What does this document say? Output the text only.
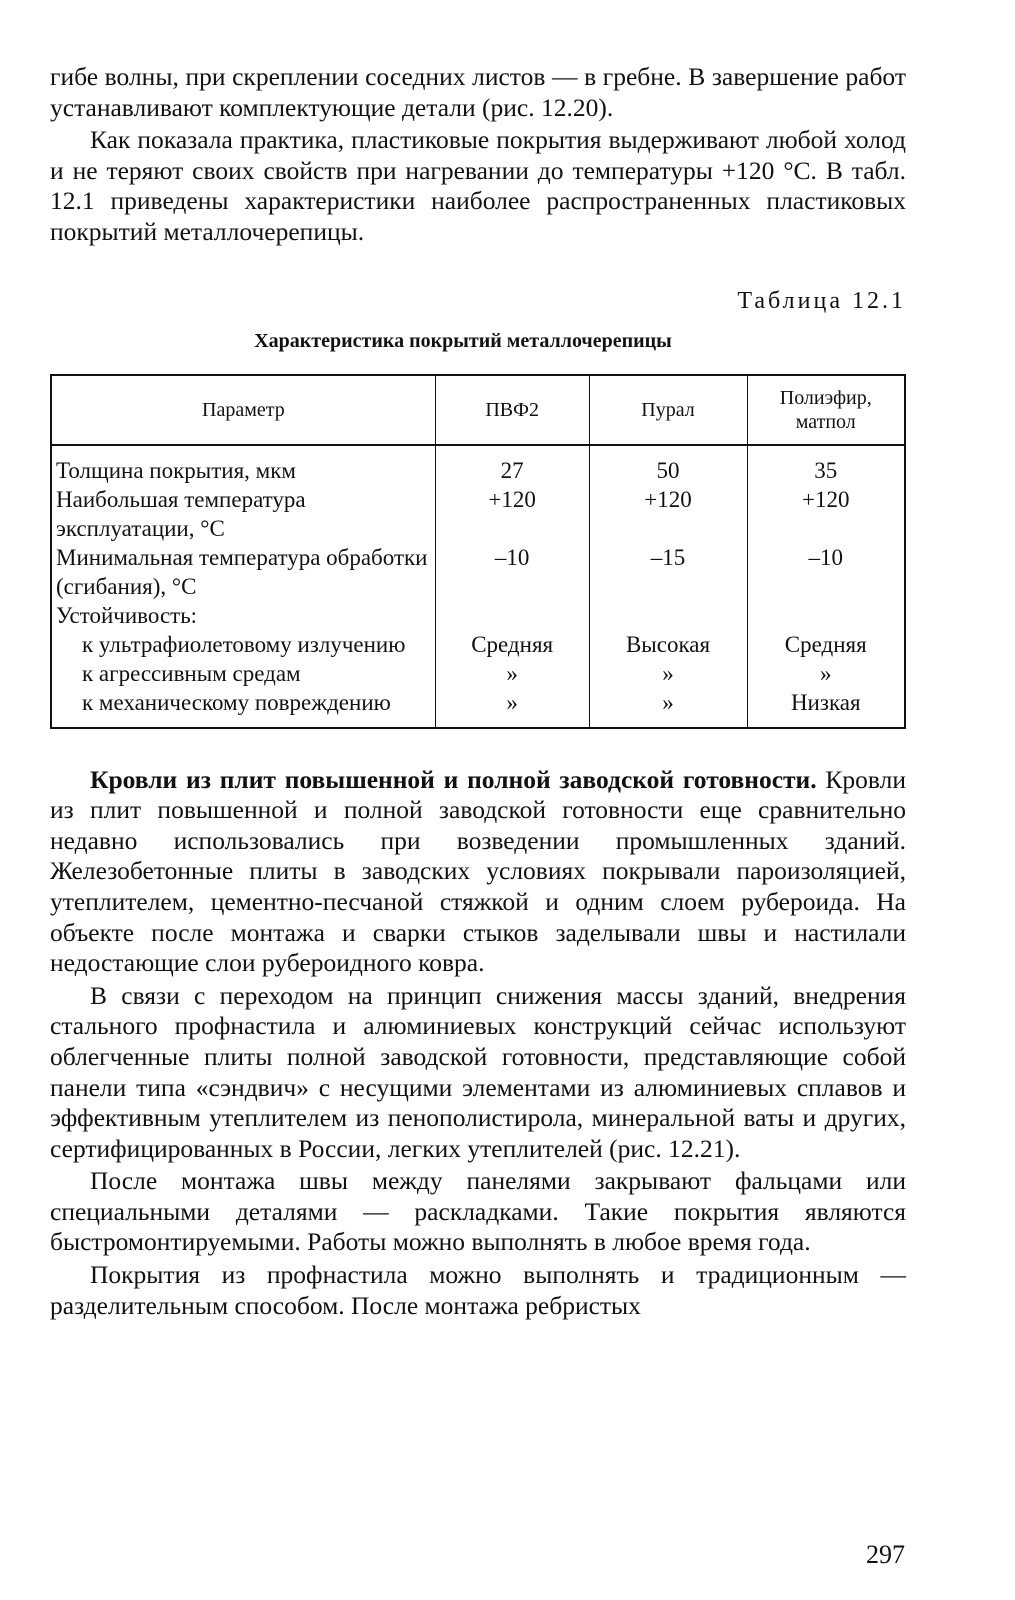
гибе волны, при скреплении соседних листов — в гребне. В завершение работ устанавливают комплектующие детали (рис. 12.20).

Как показала практика, пластиковые покрытия выдерживают любой холод и не теряют своих свойств при нагревании до температуры +120 °С. В табл. 12.1 приведены характеристики наиболее распространенных пластиковых покрытий металлочерепицы.

Таблица 12.1
Характеристика покрытий металлочерепицы
Параметр	ПВФ2	Пурал	Полиэфир, матпол
Толщина покрытия, мкм	27	50	35
Наибольшая температура эксплуатации, °С	+120	+120	+120
Минимальная температура обработки (сгибания), °С	–10	–15	–10
Устойчивость:			

к ультрафиолетовому излучению	Средняя	Высокая	Средняя

к агрессивным средам	»	»	»

к механическому повреждению	»	»	Низкая

Кровли из плит повышенной и полной заводской готовности. Кровли из плит повышенной и полной заводской готовности еще сравнительно недавно использовались при возведении промышленных зданий. Железобетонные плиты в заводских условиях покрывали пароизоляцией, утеплителем, цементно-песчаной стяжкой и одним слоем рубероида. На объекте после монтажа и сварки стыков заделывали швы и настилали недостающие слои рубероидного ковра.

В связи с переходом на принцип снижения массы зданий, внедрения стального профнастила и алюминиевых конструкций сейчас используют облегченные плиты полной заводской готовности, представляющие собой панели типа «сэндвич» с несущими элементами из алюминиевых сплавов и эффективным утеплителем из пенополистирола, минеральной ваты и других, сертифицированных в России, легких утеплителей (рис. 12.21).

После монтажа швы между панелями закрывают фальцами или специальными деталями — раскладками. Такие покрытия являются быстромонтируемыми. Работы можно выполнять в любое время года.

Покрытия из профнастила можно выполнять и традиционным — разделительным способом. После монтажа ребристых

297
